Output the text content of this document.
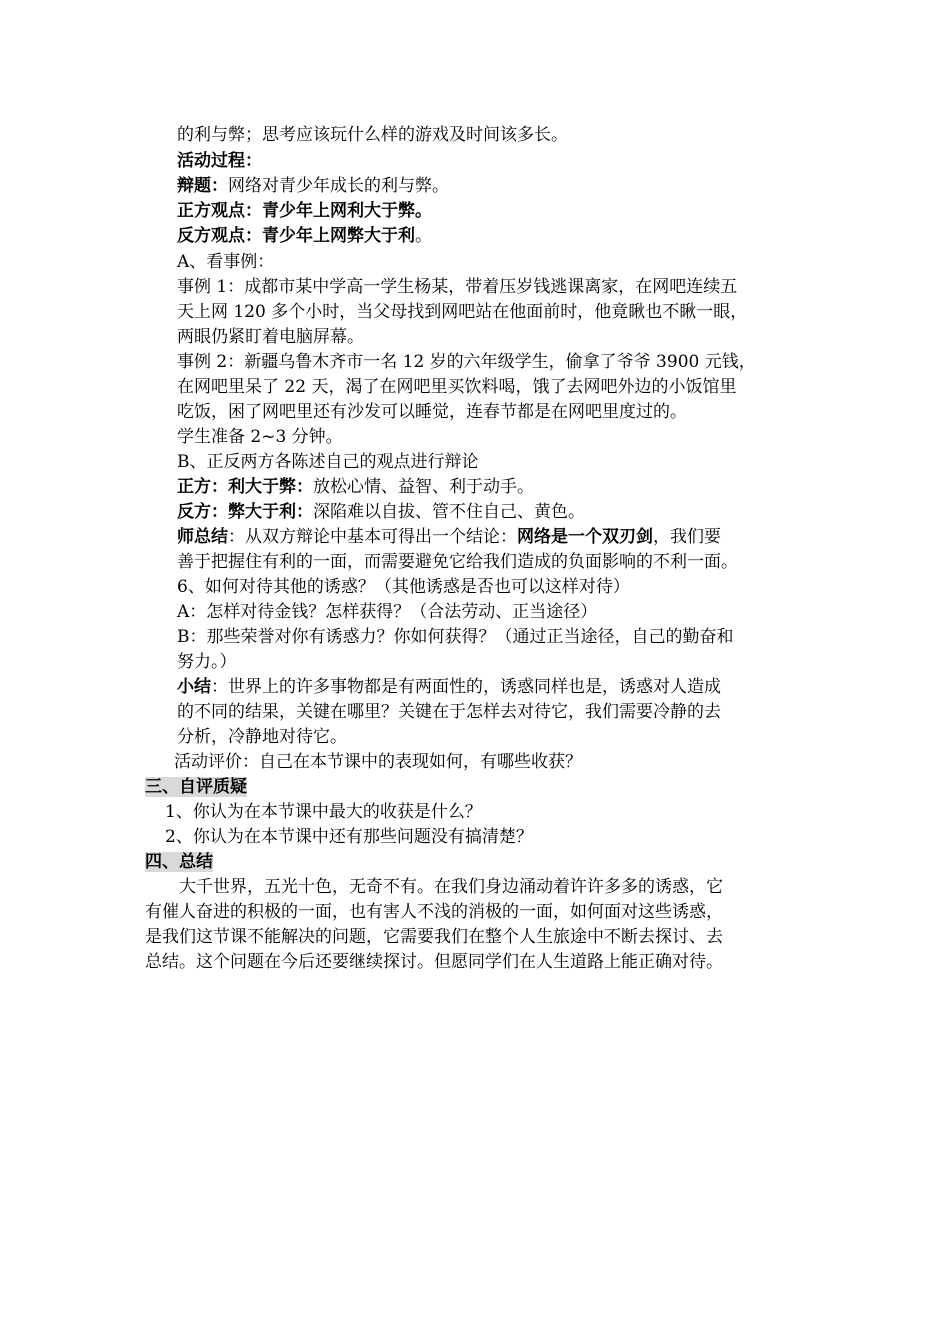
的利与弊；思考应该玩什么样的游戏及时间该多长。
活动过程：
辩题：网络对青少年成长的利与弊。
正方观点：青少年上网利大于弊。
反方观点：青少年上网弊大于利。
A、看事例：
事例 1：成都市某中学高一学生杨某，带着压岁钱逃课离家，在网吧连续五
天上网 120 多个小时，当父母找到网吧站在他面前时，他竟瞅也不瞅一眼，
两眼仍紧盯着电脑屏幕。
事例 2：新疆乌鲁木齐市一名 12 岁的六年级学生，偷拿了爷爷 3900 元钱，
在网吧里呆了 22 天，渴了在网吧里买饮料喝，饿了去网吧外边的小饭馆里
吃饭，困了网吧里还有沙发可以睡觉，连春节都是在网吧里度过的。
学生准备 2~3 分钟。
B、正反两方各陈述自己的观点进行辩论
正方：利大于弊：放松心情、益智、利于动手。
反方：弊大于利：深陷难以自拔、管不住自己、黄色。
师总结：从双方辩论中基本可得出一个结论：网络是一个双刃剑，我们要
善于把握住有利的一面，而需要避免它给我们造成的负面影响的不利一面。
6、如何对待其他的诱惑？（其他诱惑是否也可以这样对待）
A：怎样对待金钱？怎样获得？（合法劳动、正当途径）
B：那些荣誉对你有诱惑力？你如何获得？（通过正当途径，自己的勤奋和
努力。）
小结：世界上的许多事物都是有两面性的，诱惑同样也是，诱惑对人造成
的不同的结果，关键在哪里？关键在于怎样去对待它，我们需要冷静的去
分析，冷静地对待它。
活动评价：自己在本节课中的表现如何，有哪些收获？
三、自评质疑
1、你认为在本节课中最大的收获是什么？
2、你认为在本节课中还有那些问题没有搞清楚？
四、总结
大千世界，五光十色，无奇不有。在我们身边涌动着许许多多的诱惑，它
有催人奋进的积极的一面，也有害人不浅的消极的一面，如何面对这些诱惑，
是我们这节课不能解决的问题，它需要我们在整个人生旅途中不断去探讨、去
总结。这个问题在今后还要继续探讨。但愿同学们在人生道路上能正确对待。
